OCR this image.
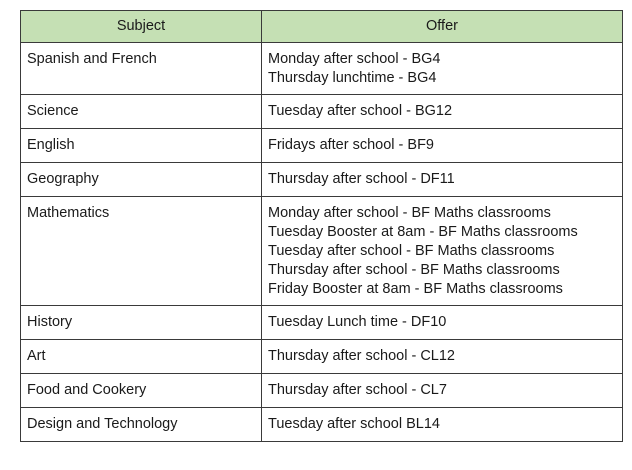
Subject	Offer
Spanish and French	Monday after school - BG4
Thursday lunchtime - BG4

Science	Tuesday after school - BG12

English	Fridays after school - BF9

Geography	Thursday after school - DF11

Mathematics	Monday after school - BF Maths classrooms
Tuesday Booster at 8am - BF Maths classrooms
Tuesday after school - BF Maths classrooms
Thursday after school - BF Maths classrooms
Friday Booster at 8am - BF Maths classrooms

History	Tuesday Lunch time - DF10

Art	Thursday after school - CL12

Food and Cookery	Thursday after school - CL7

Design and Technology	Tuesday after school BL14
